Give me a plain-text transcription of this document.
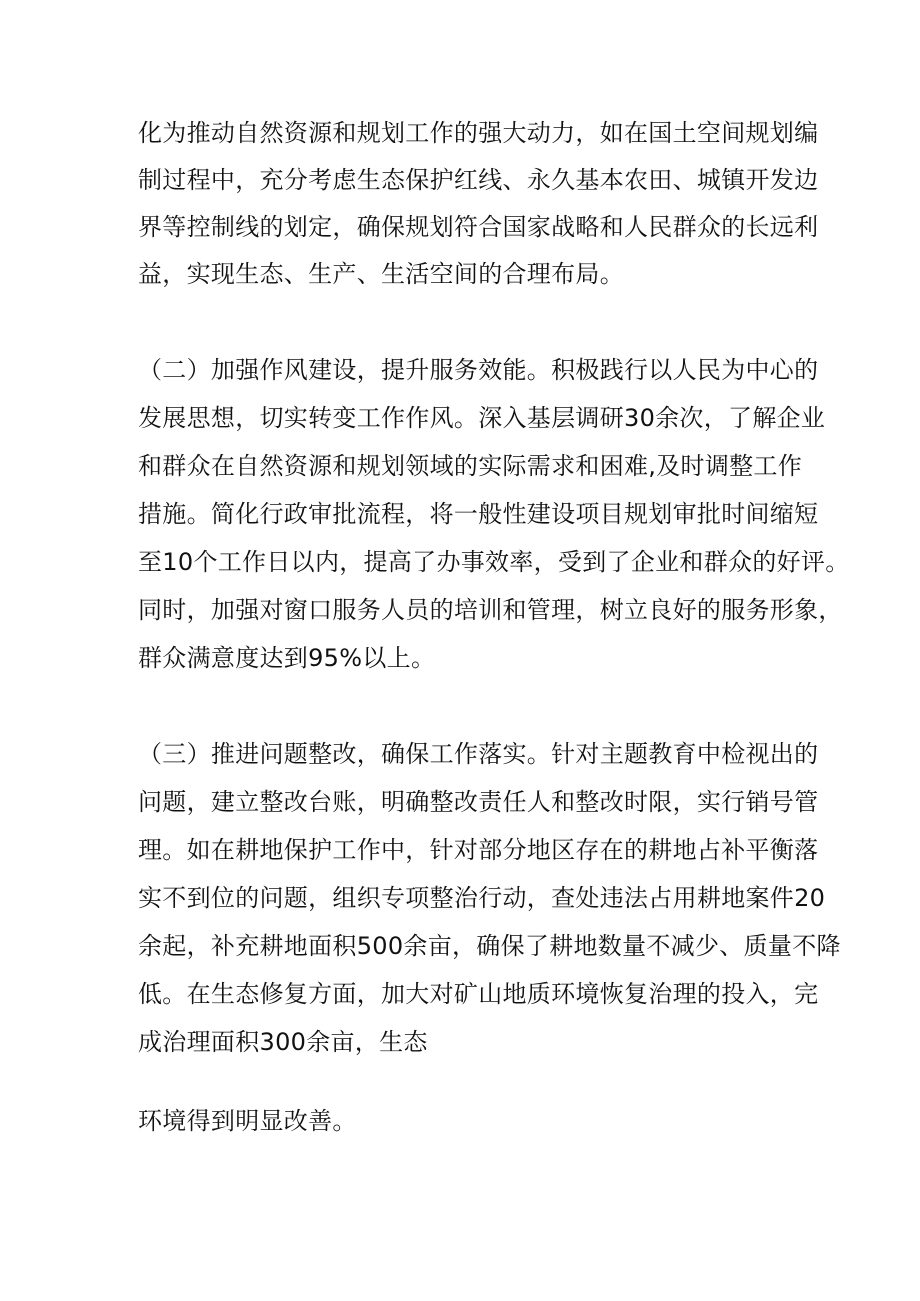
化为推动自然资源和规划工作的强大动力，如在国土空间规划编
制过程中，充分考虑生态保护红线、永久基本农田、城镇开发边
界等控制线的划定，确保规划符合国家战略和人民群众的长远利
益，实现生态、生产、生活空间的合理布局。
（二）加强作风建设，提升服务效能。积极践行以人民为中心的
发展思想，切实转变工作作风。深入基层调研30余次，了解企业
和群众在自然资源和规划领域的实际需求和困难,及时调整工作
措施。简化行政审批流程，将一般性建设项目规划审批时间缩短
至10个工作日以内，提高了办事效率，受到了企业和群众的好评。
同时，加强对窗口服务人员的培训和管理，树立良好的服务形象，
群众满意度达到95%以上。
（三）推进问题整改，确保工作落实。针对主题教育中检视出的
问题，建立整改台账，明确整改责任人和整改时限，实行销号管
理。如在耕地保护工作中，针对部分地区存在的耕地占补平衡落
实不到位的问题，组织专项整治行动，查处违法占用耕地案件20
余起，补充耕地面积500余亩，确保了耕地数量不减少、质量不降
低。在生态修复方面，加大对矿山地质环境恢复治理的投入，完
成治理面积300余亩，生态
环境得到明显改善。
